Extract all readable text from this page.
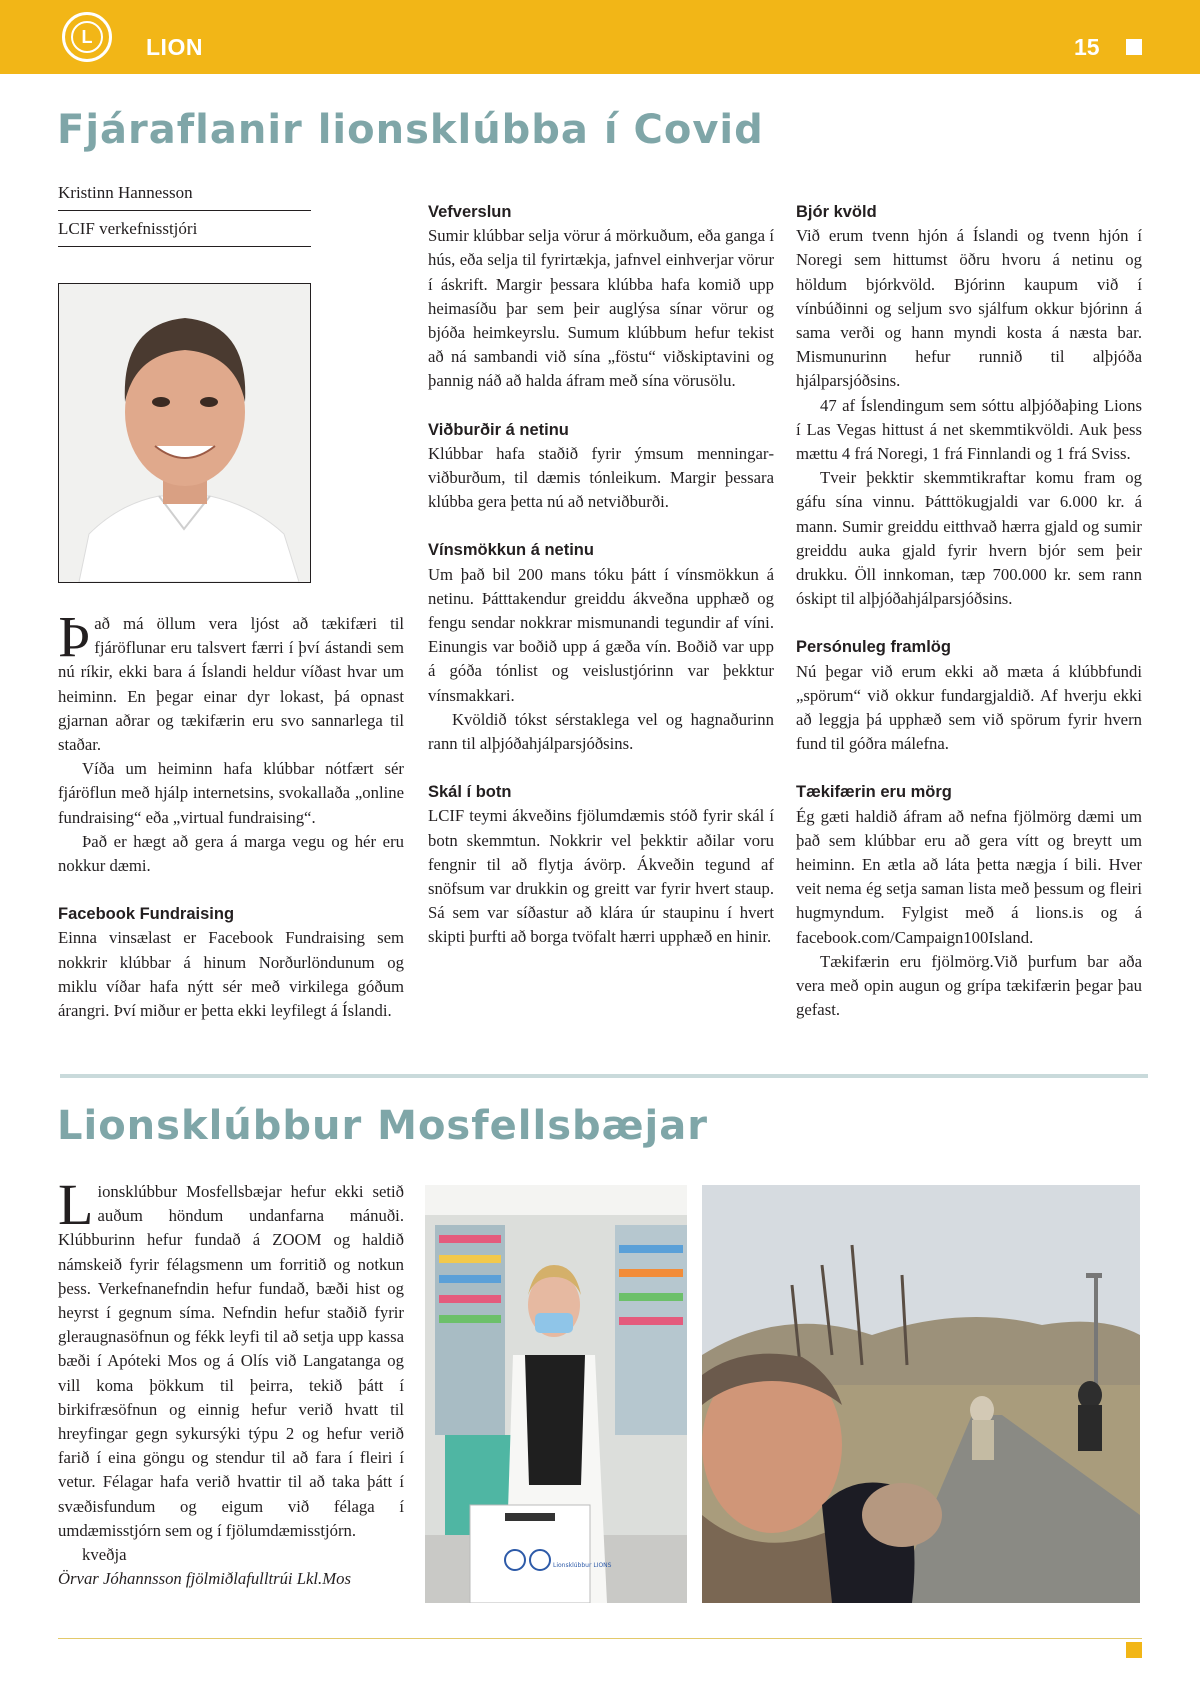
L	LION	15
Fjáraflanir lionsklúbba í Covid
Kristinn Hannesson
LCIF verkefnisstjóri

Það má öllum vera ljóst að tækifæri til fjáröflunar eru talsvert færri í því ástandi sem nú ríkir, ekki bara á Íslandi heldur víðast hvar um heiminn. En þegar einar dyr lokast, þá opnast gjarnan aðrar og tækifærin eru svo sannarlega til staðar.

Víða um heiminn hafa klúbbar nótfært sér fjáröflun með hjálp internetsins, svokallaða „online fundraising“ eða „virtual fundraising“.

Það er hægt að gera á marga vegu og hér eru nokkur dæmi.

Facebook Fundraising

Einna vinsælast er Facebook Fundraising sem nokkrir klúbbar á hinum Norðurlöndunum og miklu víðar hafa nýtt sér með virkilega góðum árangri. Því miður er þetta ekki leyfilegt á Íslandi.

Vefverslun

Sumir klúbbar selja vörur á mörkuðum, eða ganga í hús, eða selja til fyrirtækja, jafnvel einhverjar vörur í áskrift. Margir þessara klúbba hafa komið upp heimasíðu þar sem þeir auglýsa sínar vörur og bjóða heimkeyrslu. Sumum klúbbum hefur tekist að ná sambandi við sína „föstu“ viðskiptavini og þannig náð að halda áfram með sína vörusölu.

Viðburðir á netinu

Klúbbar hafa staðið fyrir ýmsum menningarviðburðum, til dæmis tónleikum. Margir þessara klúbba gera þetta nú að netviðburði.

Vínsmökkun á netinu

Um það bil 200 mans tóku þátt í vínsmökkun á netinu. Þátttakendur greiddu ákveðna upphæð og fengu sendar nokkrar mismunandi tegundir af víni. Einungis var boðið upp á gæða vín. Boðið var upp á góða tónlist og veislustjórinn var þekktur vínsmakkari.

Kvöldið tókst sérstaklega vel og hagnaðurinn rann til alþjóðahjálparsjóðsins.

Skál í botn

LCIF teymi ákveðins fjölumdæmis stóð fyrir skál í botn skemmtun. Nokkrir vel þekktir aðilar voru fengnir til að flytja ávörp. Ákveðin tegund af snöfsum var drukkin og greitt var fyrir hvert staup. Sá sem var síðastur að klára úr staupinu í hvert skipti þurfti að borga tvöfalt hærri upphæð en hinir.

Bjór kvöld

Við erum tvenn hjón á Íslandi og tvenn hjón í Noregi sem hittumst öðru hvoru á netinu og höldum bjórkvöld. Bjórinn kaupum við í vínbúðinni og seljum svo sjálfum okkur bjórinn á sama verði og hann myndi kosta á næsta bar. Mismunurinn hefur runnið til alþjóða hjálparsjóðsins.

47 af Íslendingum sem sóttu alþjóðaþing Lions í Las Vegas hittust á net skemmtikvöldi. Auk þess mættu 4 frá Noregi, 1 frá Finnlandi og 1 frá Sviss.

Tveir þekktir skemmtikraftar komu fram og gáfu sína vinnu. Þátttökugjaldi var 6.000 kr. á mann. Sumir greiddu eitthvað hærra gjald og sumir greiddu auka gjald fyrir hvern bjór sem þeir drukku. Öll innkoman, tæp 700.000 kr. sem rann óskipt til alþjóðahjálparsjóðsins.

Persónuleg framlög

Nú þegar við erum ekki að mæta á klúbbfundi „spörum“ við okkur fundargjaldið. Af hverju ekki að leggja þá upphæð sem við spörum fyrir hvern fund til góðra málefna.

Tækifærin eru mörg

Ég gæti haldið áfram að nefna fjölmörg dæmi um það sem klúbbar eru að gera vítt og breytt um heiminn. En ætla að láta þetta nægja í bili. Hver veit nema ég setja saman lista með þessum og fleiri hugmyndum. Fylgist með á lions.is og á facebook.com/Campaign100Island.

Tækifærin eru fjölmörg.Við þurfum bar aða vera með opin augun og grípa tækifærin þegar þau gefast.

Lionsklúbbur Mosfellsbæjar

Lionsklúbbur Mosfellsbæjar hefur ekki setið auðum höndum undanfarna mánuði. Klúbburinn hefur fundað á ZOOM og haldið námskeið fyrir félagsmenn um forritið og notkun þess. Verkefnanefndin hefur fundað, bæði hist og heyrst í gegnum síma. Nefndin hefur staðið fyrir gleraugnasöfnun og fékk leyfi til að setja upp kassa bæði í Apóteki Mos og á Olís við Langatanga og vill koma þökkum til þeirra, tekið þátt í birkifræsöfnun og einnig hefur verið hvatt til hreyfingar gegn sykursýki týpu 2 og hefur verið farið í eina göngu og stendur til að fara í fleiri í vetur. Félagar hafa verið hvattir til að taka þátt í svæðisfundum og eigum við félaga í umdæmisstjórn sem og í fjölumdæmisstjórn.

kveðja

Örvar Jóhannsson fjölmiðlafulltrúi Lkl.Mos

Lionsklúbbur LIONS
